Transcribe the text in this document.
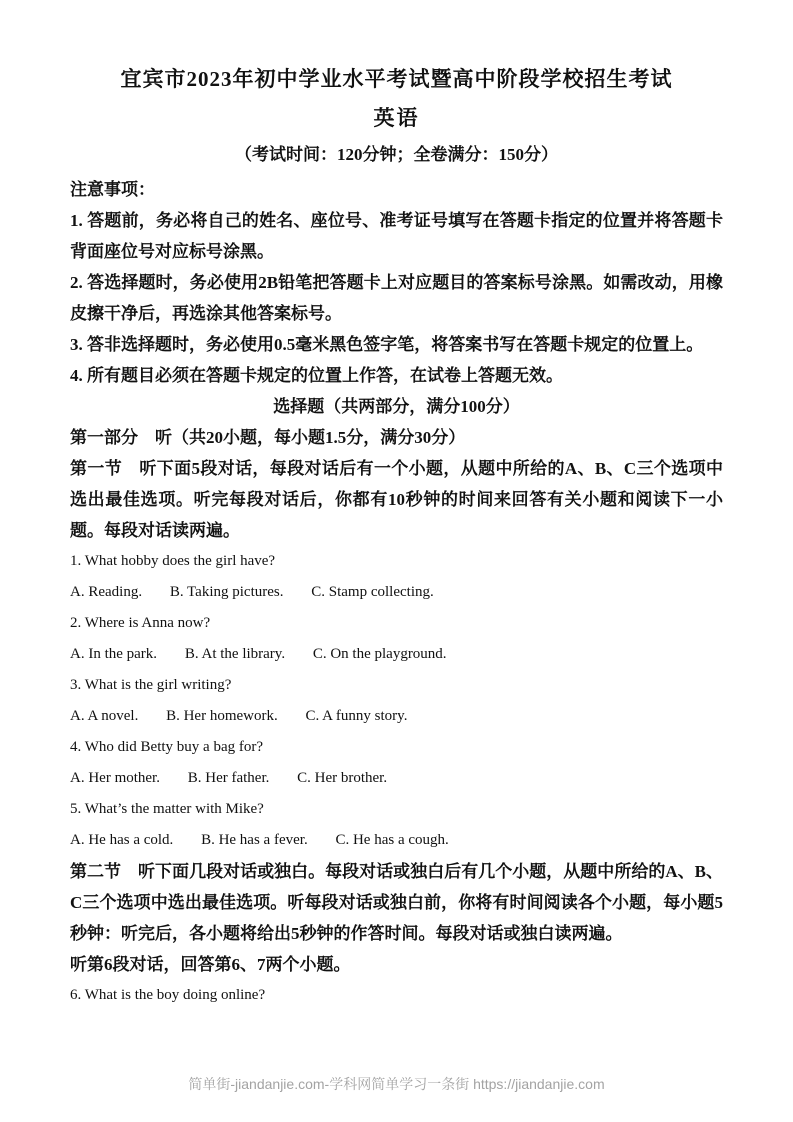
宜宾市2023年初中学业水平考试暨高中阶段学校招生考试
英语

（考试时间：120分钟；全卷满分：150分）

注意事项：

1. 答题前，务必将自己的姓名、座位号、准考证号填写在答题卡指定的位置并将答题卡背面座位号对应标号涂黑。

2. 答选择题时，务必使用2B铅笔把答题卡上对应题目的答案标号涂黑。如需改动，用橡皮擦干净后，再选涂其他答案标号。

3. 答非选择题时，务必使用0.5毫米黑色签字笔，将答案书写在答题卡规定的位置上。

4. 所有题目必须在答题卡规定的位置上作答，在试卷上答题无效。

选择题（共两部分，满分100分）

第一部分　听（共20小题，每小题1.5分，满分30分）

第一节　听下面5段对话，每段对话后有一个小题，从题中所给的A、B、C三个选项中选出最佳选项。听完每段对话后，你都有10秒钟的时间来回答有关小题和阅读下一小题。每段对话读两遍。

1. What hobby does the girl have?

A. Reading. B. Taking pictures. C. Stamp collecting.

2. Where is Anna now?

A. In the park. B. At the library. C. On the playground.

3. What is the girl writing?

A. A novel. B. Her homework. C. A funny story.

4. Who did Betty buy a bag for?

A. Her mother. B. Her father. C. Her brother.

5. What’s the matter with Mike?

A. He has a cold. B. He has a fever. C. He has a cough.

第二节　听下面几段对话或独白。每段对话或独白后有几个小题，从题中所给的A、B、C三个选项中选出最佳选项。听每段对话或独白前，你将有时间阅读各个小题，每小题5秒钟：听完后，各小题将给出5秒钟的作答时间。每段对话或独白读两遍。

听第6段对话，回答第6、7两个小题。

6. What is the boy doing online?

简单街-jiandanjie.com-学科网简单学习一条街 https://jiandanjie.com
